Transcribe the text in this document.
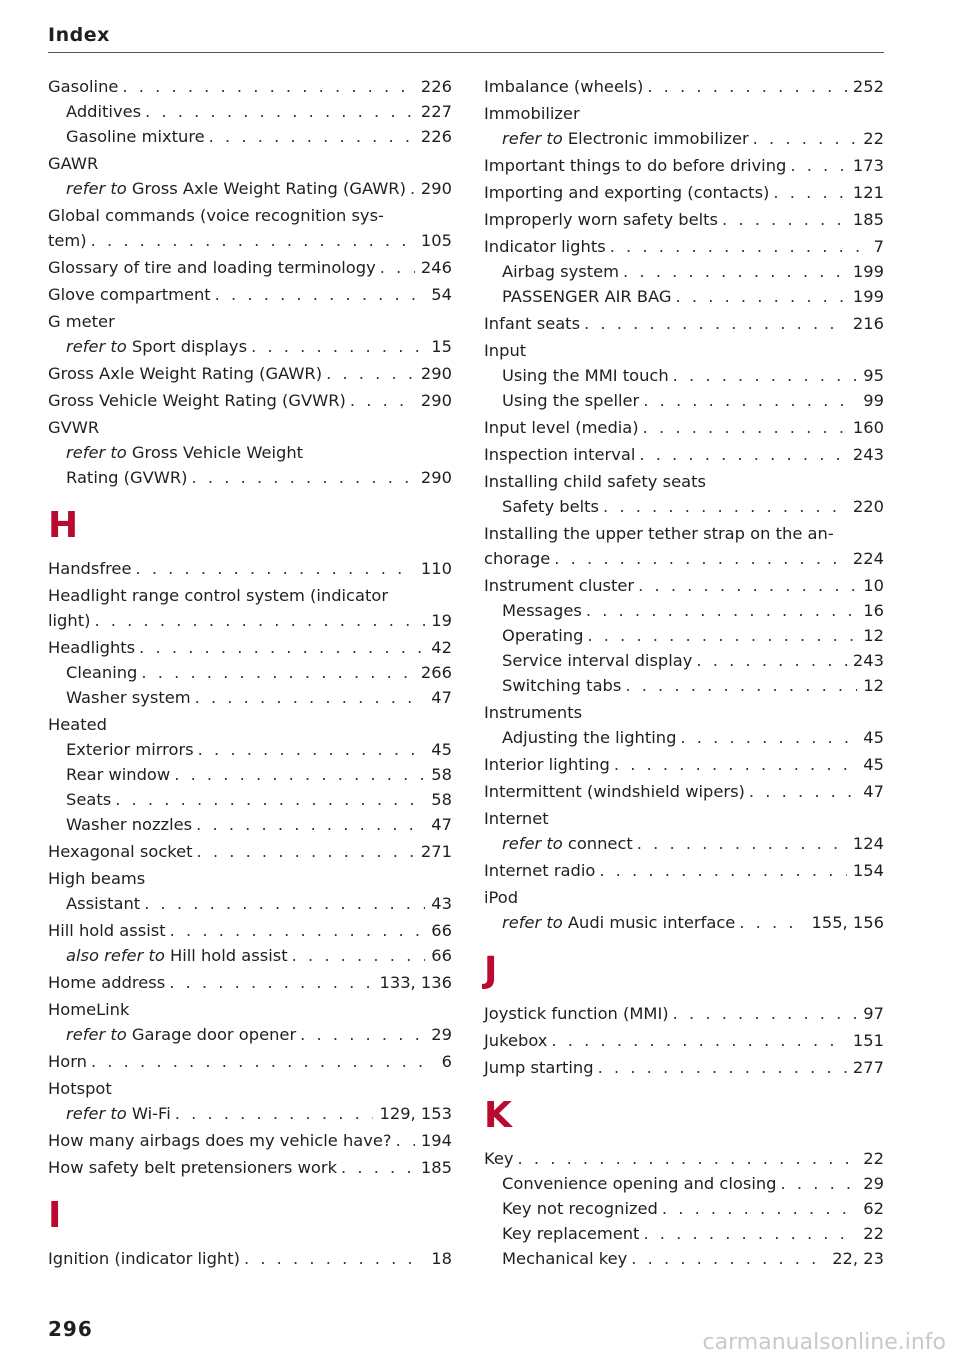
Index
Gasoline . . .	226
Additives . . .	227
Gasoline mixture . . .	226
GAWR
refer to Gross Axle Weight Rating (GAWR) . . . 290
Global commands (voice recognition sys-
tem) . . .	105
Glossary of tire and loading terminology . . .	246
Glove compartment . . .	54
G meter
refer to Sport displays . . .	15
Gross Axle Weight Rating (GAWR) . . .	290
Gross Vehicle Weight Rating (GVWR) . . .	290
GVWR
refer to Gross Vehicle Weight
Rating (GVWR) . . .	290
H
Handsfree . . .	110
Headlight range control system (indicator
light) . . .	19
Headlights . . .	42
Cleaning . . .	266
Washer system . . .	47
Heated
Exterior mirrors . . .	45
Rear window . . .	58
Seats . . .	58
Washer nozzles . . .	47
Hexagonal socket . . .	271
High beams
Assistant . . .	43
Hill hold assist . . .	66
also refer to Hill hold assist . . .	66
Home address . . .	133, 136
HomeLink
refer to Garage door opener . . .	29
Horn . . .	6
Hotspot
refer to Wi-Fi . . .	129, 153
How many airbags does my vehicle have? . . . 194
How safety belt pretensioners work . . .	185
I
Ignition (indicator light) . . .	18
Imbalance (wheels) . . .	252
Immobilizer
refer to Electronic immobilizer . . .	22
Important things to do before driving . . .	173
Importing and exporting (contacts) . . .	121
Improperly worn safety belts . . .	185
Indicator lights . . .	7
Airbag system . . .	199
PASSENGER AIR BAG . . .	199
Infant seats . . .	216
Input
Using the MMI touch . . .	95
Using the speller . . .	99
Input level (media) . . .	160
Inspection interval . . .	243
Installing child safety seats
Safety belts . . .	220
Installing the upper tether strap on the an-
chorage . . .	224
Instrument cluster . . .	10
Messages . . .	16
Operating . . .	12
Service interval display . . .	243
Switching tabs . . .	12
Instruments
Adjusting the lighting . . .	45
Interior lighting . . .	45
Intermittent (windshield wipers) . . .	47
Internet
refer to connect . . .	124
Internet radio . . .	154
iPod
refer to Audi music interface . . .	155, 156
J
Joystick function (MMI) . . .	97
Jukebox . . .	151
Jump starting . . .	277
K
Key . . .	22
Convenience opening and closing . . .	29
Key not recognized . . .	62
Key replacement . . .	22
Mechanical key . . .	22, 23
296
carmanualsonline.info
